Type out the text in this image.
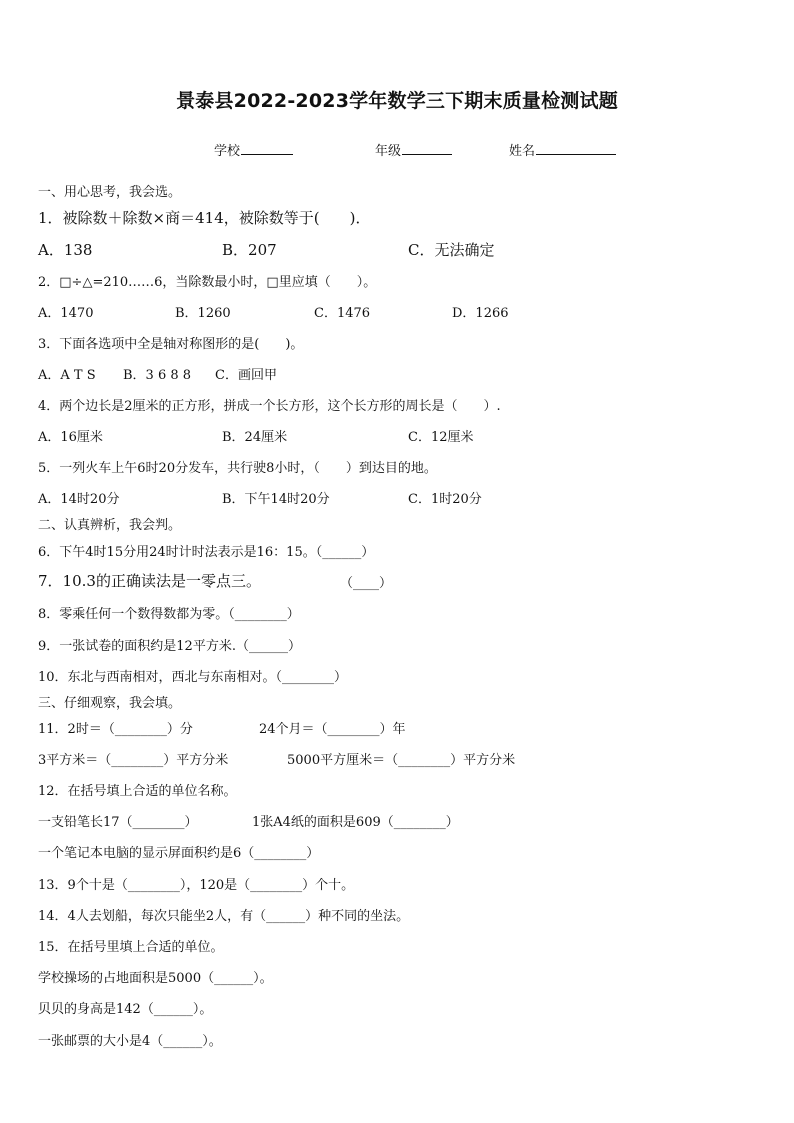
景泰县2022-2023学年数学三下期末质量检测试题
学校	年级	姓名
一、用心思考，我会选。
1．被除数＋除数×商＝414，被除数等于(　　)．
A．138	B．207	C．无法确定
2．□÷△=210……6，当除数最小时，□里应填（　　）。
A．1470	B．1260	C．1476	D．1266
3．下面各选项中全是轴对称图形的是(　　)。
A．A T S B．3 6 8 8 C．画回甲
4．两个边长是2厘米的正方形，拼成一个长方形，这个长方形的周长是（　　）.
A．16厘米	B．24厘米	C．12厘米
5．一列火车上午6时20分发车，共行驶8小时，（　　）到达目的地。
A．14时20分	B．下午14时20分	C．1时20分
二、认真辨析，我会判。
6．下午4时15分用24时计时法表示是16：15。（______）
7．10.3的正确读法是一零点三。	（____）
8．零乘任何一个数得数都为零。（________）
9．一张试卷的面积约是12平方米.（______）
10．东北与西南相对，西北与东南相对。（________）
三、仔细观察，我会填。
11．2时＝（________）分	24个月＝（________）年
3平方米＝（________）平方分米	5000平方厘米＝（________）平方分米
12．在括号填上合适的单位名称。
一支铅笔长17（________）	1张A4纸的面积是609（________）
一个笔记本电脑的显示屏面积约是6（________）
13．9个十是（________），120是（________）个十。
14．4人去划船，每次只能坐2人，有（______）种不同的坐法。
15．在括号里填上合适的单位。
学校操场的占地面积是5000（______）。
贝贝的身高是142（______）。
一张邮票的大小是4（______）。
